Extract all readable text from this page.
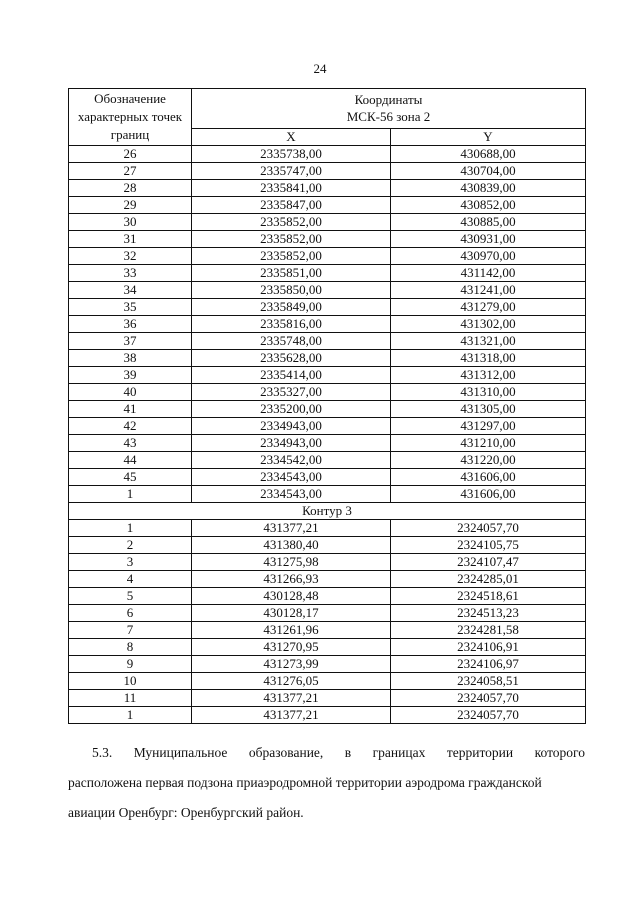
24
Обозначение характерных точек границ	Координаты
МСК-56 зона 2	

	X	Y
26	2335738,00	430688,00
27	2335747,00	430704,00
28	2335841,00	430839,00
29	2335847,00	430852,00
30	2335852,00	430885,00
31	2335852,00	430931,00
32	2335852,00	430970,00
33	2335851,00	431142,00
34	2335850,00	431241,00
35	2335849,00	431279,00
36	2335816,00	431302,00
37	2335748,00	431321,00
38	2335628,00	431318,00
39	2335414,00	431312,00
40	2335327,00	431310,00
41	2335200,00	431305,00
42	2334943,00	431297,00
43	2334943,00	431210,00
44	2334542,00	431220,00
45	2334543,00	431606,00
1	2334543,00	431606,00
Контур 3		
1	431377,21	2324057,70
2	431380,40	2324105,75
3	431275,98	2324107,47
4	431266,93	2324285,01
5	430128,48	2324518,61
6	430128,17	2324513,23
7	431261,96	2324281,58
8	431270,95	2324106,91
9	431273,99	2324106,97
10	431276,05	2324058,51
11	431377,21	2324057,70
1	431377,21	2324057,70
5.3. Муниципальное образование, в границах территории которого
расположена первая подзона приаэродромной территории аэродрома гражданской
авиации Оренбург: Оренбургский район.
